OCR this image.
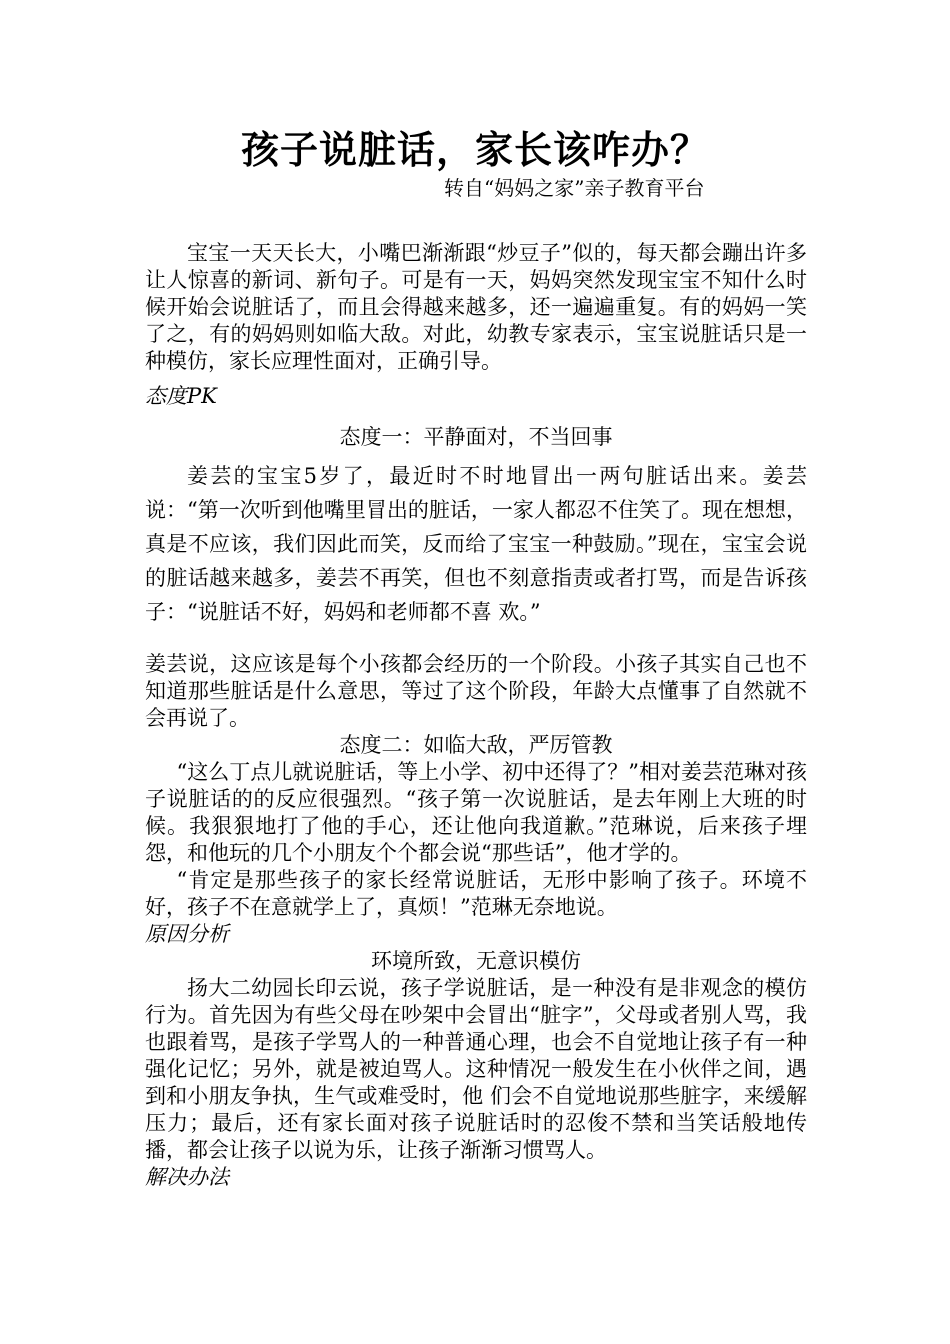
孩子说脏话，家长该咋办？
转自“妈妈之家”亲子教育平台

宝宝一天天长大，小嘴巴渐渐跟“炒豆子”似的，每天都会蹦出许多让人惊喜的新词、新句子。可是有一天，妈妈突然发现宝宝不知什么时候开始会说脏话了，而且会得越来越多，还一遍遍重复。有的妈妈一笑了之，有的妈妈则如临大敌。对此，幼教专家表示，宝宝说脏话只是一种模仿，家长应理性面对，正确引导。

态度PK

态度一：平静面对，不当回事

姜芸的宝宝5岁了，最近时不时地冒出一两句脏话出来。姜芸说：“第一次听到他嘴里冒出的脏话，一家人都忍不住笑了。现在想想，真是不应该，我们因此而笑，反而给了宝宝一种鼓励。”现在，宝宝会说的脏话越来越多，姜芸不再笑，但也不刻意指责或者打骂，而是告诉孩子：“说脏话不好，妈妈和老师都不喜 欢。”

姜芸说，这应该是每个小孩都会经历的一个阶段。小孩子其实自己也不知道那些脏话是什么意思，等过了这个阶段，年龄大点懂事了自然就不会再说了。

态度二：如临大敌，严厉管教

“这么丁点儿就说脏话，等上小学、初中还得了？”相对姜芸范琳对孩子说脏话的的反应很强烈。“孩子第一次说脏话，是去年刚上大班的时候。我狠狠地打了他的手心，还让他向我道歉。”范琳说，后来孩子埋怨，和他玩的几个小朋友个个都会说“那些话”，他才学的。

“肯定是那些孩子的家长经常说脏话，无形中影响了孩子。环境不好，孩子不在意就学上了，真烦！”范琳无奈地说。

原因分析

环境所致，无意识模仿

扬大二幼园长印云说，孩子学说脏话，是一种没有是非观念的模仿行为。首先因为有些父母在吵架中会冒出“脏字”，父母或者别人骂，我也跟着骂，是孩子学骂人的一种普通心理，也会不自觉地让孩子有一种强化记忆；另外，就是被迫骂人。这种情况一般发生在小伙伴之间，遇到和小朋友争执，生气或难受时，他 们会不自觉地说那些脏字，来缓解压力；最后，还有家长面对孩子说脏话时的忍俊不禁和当笑话般地传播，都会让孩子以说为乐，让孩子渐渐习惯骂人。

解决办法
